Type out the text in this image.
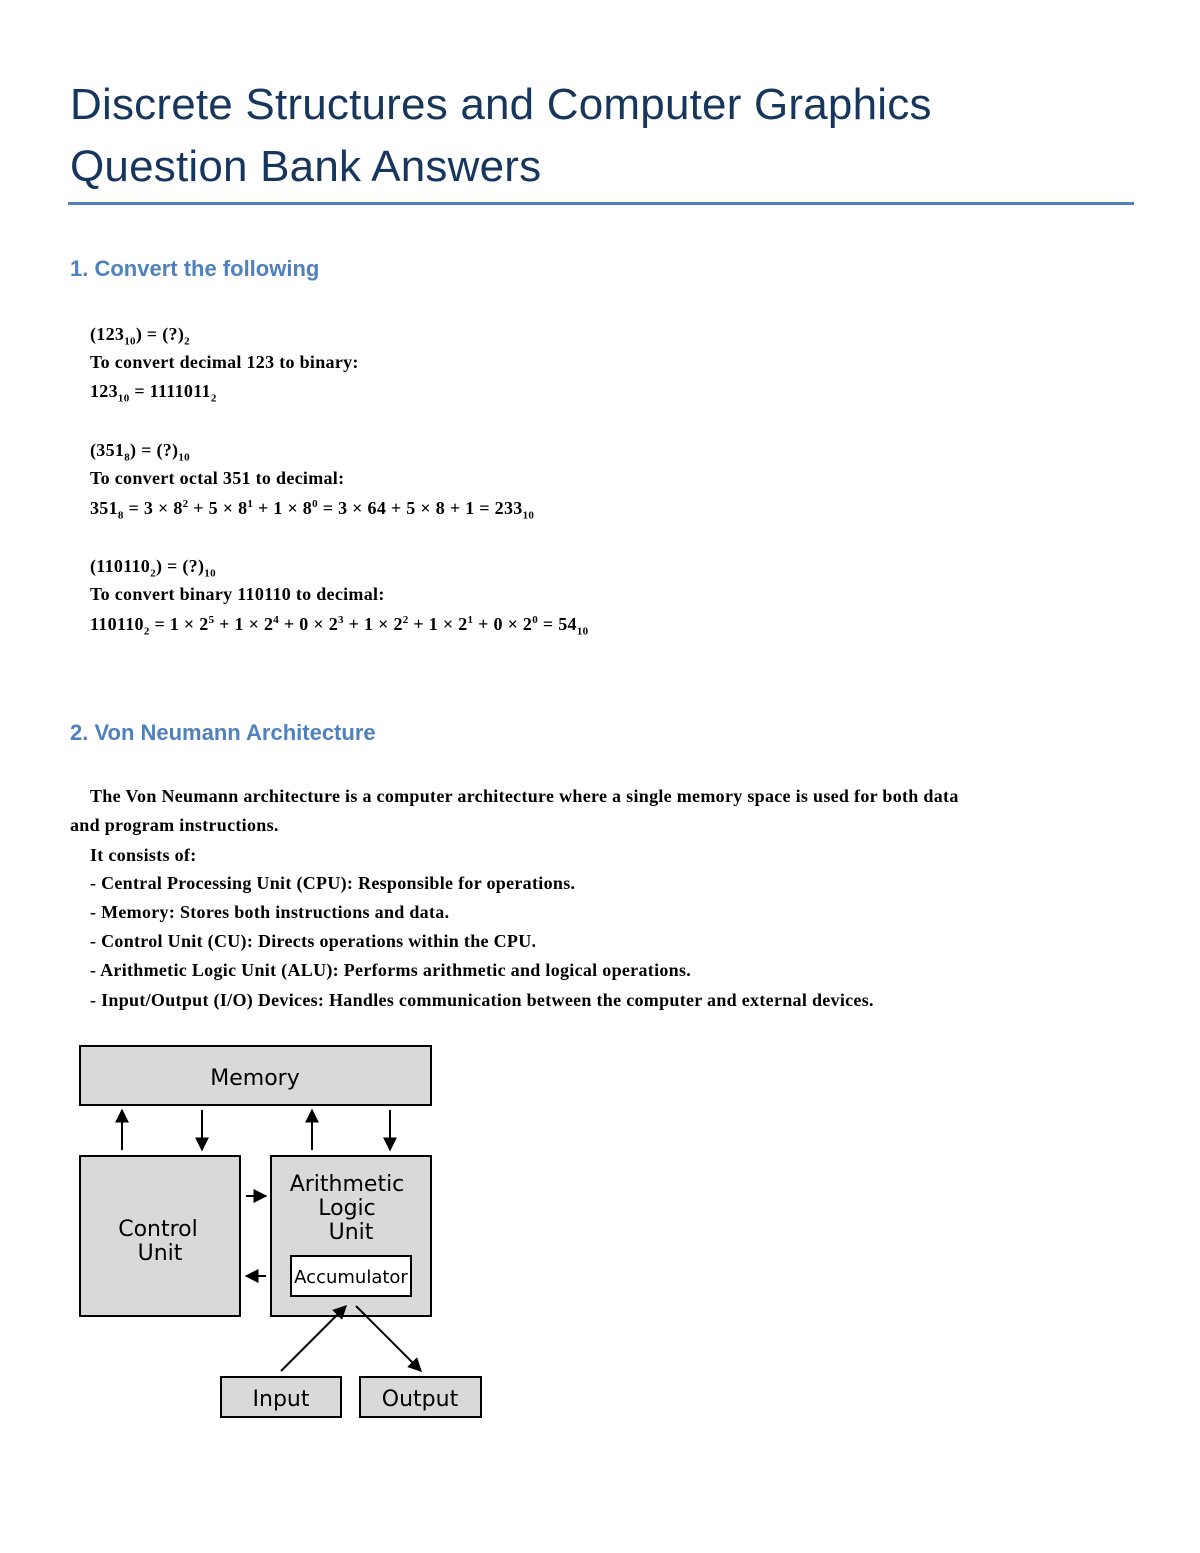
Discrete Structures and Computer Graphics
Question Bank Answers
1. Convert the following
$(123_{10})$ = $(?)_2$
To convert decimal 123 to binary:
$123_{10} = 1111011_2$
$(351_8)$ = $(?)_{10}$
To convert octal 351 to decimal:
$351_8 = 3 \times 8^2 + 5 \times 8^1 + 1 \times 8^0 = 3 \times 64 + 5 \times 8 + 1 = 233_{10}$
$(110110_2)$ = $(?)_{10}$
To convert binary 110110 to decimal:
$110110_2 = 1 \times 2^5 + 1 \times 2^4 + 0 \times 2^3 + 1 \times 2^2 + 1 \times 2^1 + 0 \times 2^0 = 54_{10}$
2. Von Neumann Architecture
The Von Neumann architecture is a computer architecture where a single memory space is used for both data
and program instructions.
It consists of:
- Central Processing Unit (CPU): Responsible for operations.
- Memory: Stores both instructions and data.
- Control Unit (CU): Directs operations within the CPU.
- Arithmetic Logic Unit (ALU): Performs arithmetic and logical operations.
- Input/Output (I/O) Devices: Handles communication between the computer and external devices.
Memory
Control
Unit
Arithmetic
Logic
Unit
Accumulator
Input	Output
